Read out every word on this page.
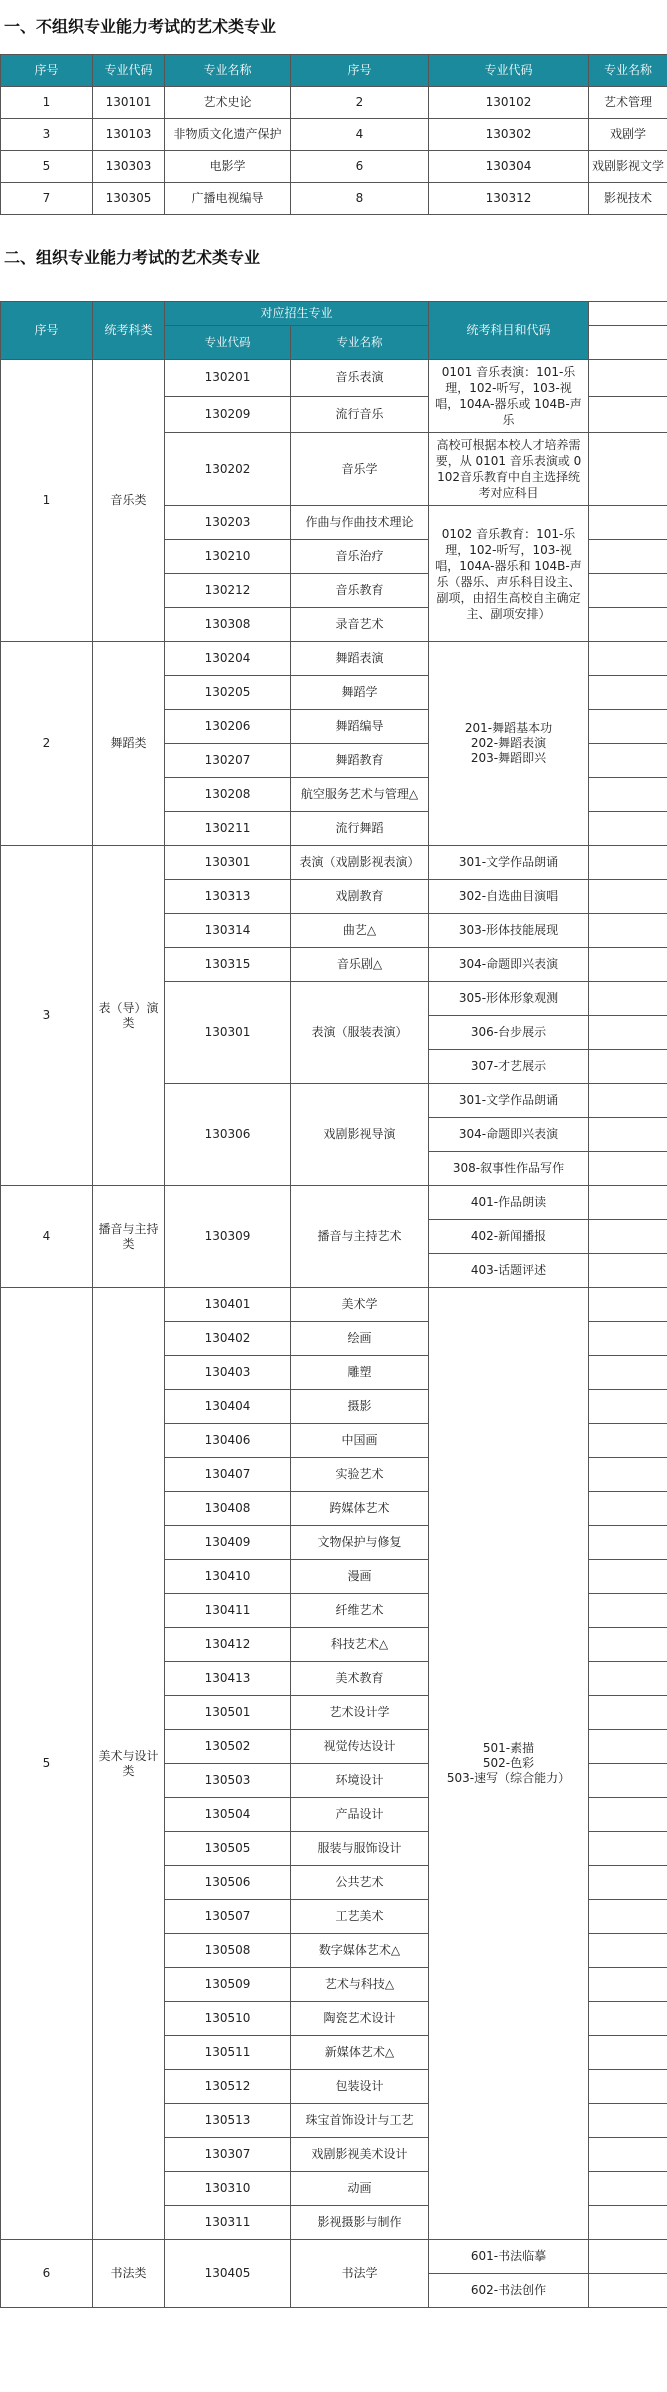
一、不组织专业能力考试的艺术类专业
序号	专业代码	专业名称	序号	专业代码	专业名称
1	130101	艺术史论	2	130102	艺术管理
3	130103	非物质文化遗产保护	4	130302	戏剧学
5	130303	电影学	6	130304	戏剧影视文学
7	130305	广播电视编导	8	130312	影视技术
二、组织专业能力考试的艺术类专业
序号	统考科类	对应招生专业		统考科目和代码	
		专业代码	专业名称		
1	音乐类	130201	音乐表演	0101 音乐表演：101-乐理，102-听写，103-视唱，104A-器乐或 104B-声乐	
		130209	流行音乐		
		130202	音乐学	高校可根据本校人才培养需要，从 0101 音乐表演或 0102音乐教育中自主选择统考对应科目	
		130203	作曲与作曲技术理论	0102 音乐教育：101-乐理，102-听写，103-视唱，104A-器乐和 104B-声乐（器乐、声乐科目设主、副项，由招生高校自主确定主、副项安排）	
		130210	音乐治疗		
		130212	音乐教育		
		130308	录音艺术		
2	舞蹈类	130204	舞蹈表演	201-舞蹈基本功
202-舞蹈表演
203-舞蹈即兴	

		130205	舞蹈学		
		130206	舞蹈编导		
		130207	舞蹈教育		
		130208	航空服务艺术与管理△		
		130211	流行舞蹈		
3	表（导）演类	130301	表演（戏剧影视表演）	301-文学作品朗诵	
		130313	戏剧教育	302-自选曲目演唱	
		130314	曲艺△	303-形体技能展现	
		130315	音乐剧△	304-命题即兴表演	
		130301	表演（服装表演）	305-形体形象观测	
				306-台步展示	
				307-才艺展示	
		130306	戏剧影视导演	301-文学作品朗诵	
				304-命题即兴表演	
				308-叙事性作品写作	
4	播音与主持类	130309	播音与主持艺术	401-作品朗读	
				402-新闻播报	
				403-话题评述	
5	美术与设计类	130401	美术学	501-素描
502-色彩
503-速写（综合能力）	

		130402	绘画		
		130403	雕塑		
		130404	摄影		
		130406	中国画		
		130407	实验艺术		
		130408	跨媒体艺术		
		130409	文物保护与修复		
		130410	漫画		
		130411	纤维艺术		
		130412	科技艺术△		
		130413	美术教育		
		130501	艺术设计学		
		130502	视觉传达设计		
		130503	环境设计		
		130504	产品设计		
		130505	服装与服饰设计		
		130506	公共艺术		
		130507	工艺美术		
		130508	数字媒体艺术△		
		130509	艺术与科技△		
		130510	陶瓷艺术设计		
		130511	新媒体艺术△		
		130512	包装设计		
		130513	珠宝首饰设计与工艺		
		130307	戏剧影视美术设计		
		130310	动画		
		130311	影视摄影与制作		
6	书法类	130405	书法学	601-书法临摹	
				602-书法创作	
